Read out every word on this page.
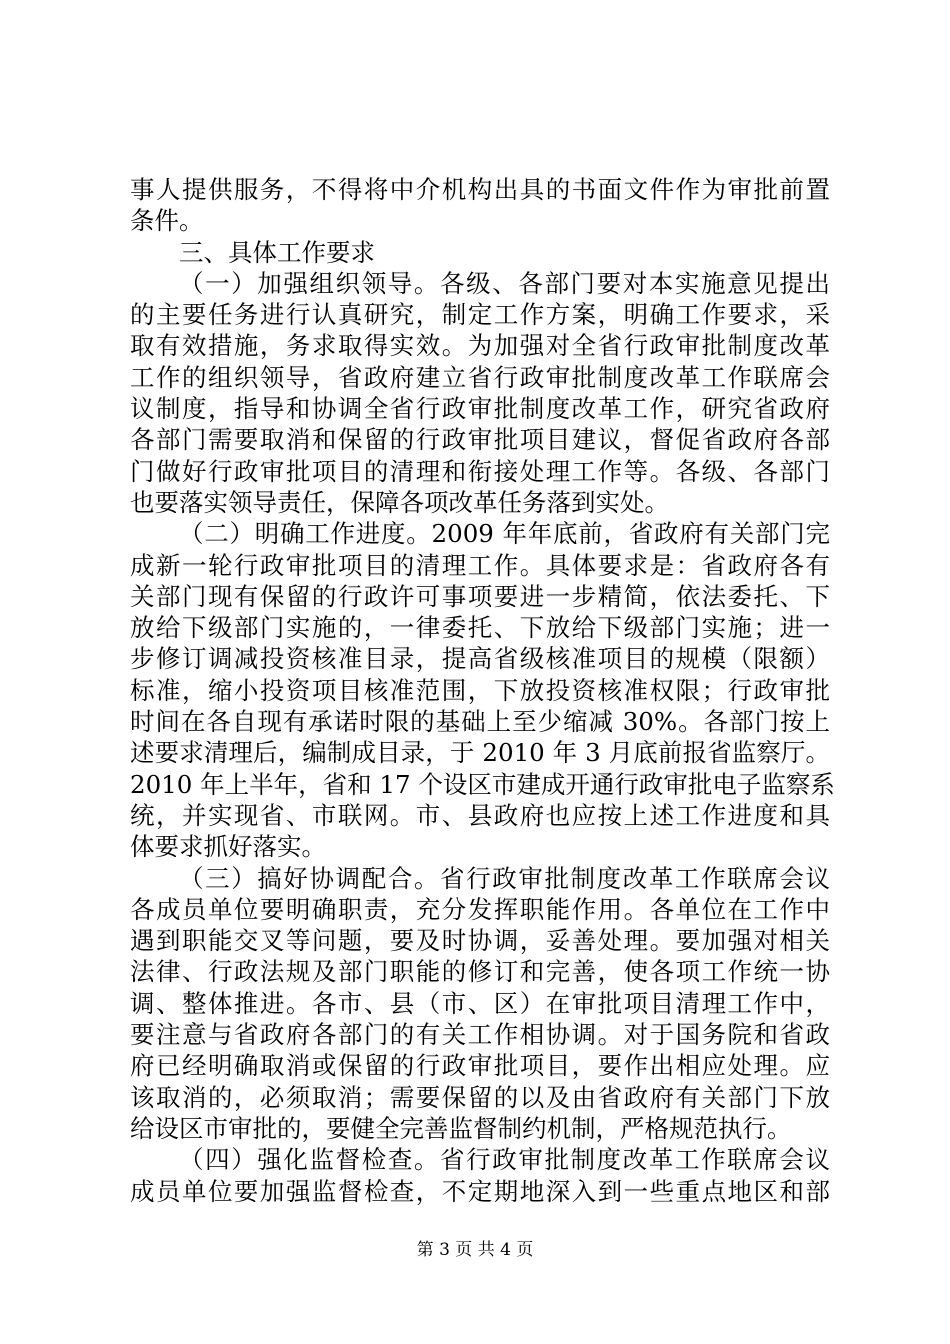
事人提供服务，不得将中介机构出具的书面文件作为审批前置
条件。
三、具体工作要求
（一）加强组织领导。各级、各部门要对本实施意见提出
的主要任务进行认真研究，制定工作方案，明确工作要求，采
取有效措施，务求取得实效。为加强对全省行政审批制度改革
工作的组织领导，省政府建立省行政审批制度改革工作联席会
议制度，指导和协调全省行政审批制度改革工作，研究省政府
各部门需要取消和保留的行政审批项目建议，督促省政府各部
门做好行政审批项目的清理和衔接处理工作等。各级、各部门
也要落实领导责任，保障各项改革任务落到实处。
（二）明确工作进度。2009 年年底前，省政府有关部门完
成新一轮行政审批项目的清理工作。具体要求是：省政府各有
关部门现有保留的行政许可事项要进一步精简，依法委托、下
放给下级部门实施的，一律委托、下放给下级部门实施；进一
步修订调减投资核准目录，提高省级核准项目的规模（限额）
标准，缩小投资项目核准范围，下放投资核准权限；行政审批
时间在各自现有承诺时限的基础上至少缩减 30%。各部门按上
述要求清理后，编制成目录，于 2010 年 3 月底前报省监察厅。
2010 年上半年，省和 17 个设区市建成开通行政审批电子监察系
统，并实现省、市联网。市、县政府也应按上述工作进度和具
体要求抓好落实。
（三）搞好协调配合。省行政审批制度改革工作联席会议
各成员单位要明确职责，充分发挥职能作用。各单位在工作中
遇到职能交叉等问题，要及时协调，妥善处理。要加强对相关
法律、行政法规及部门职能的修订和完善，使各项工作统一协
调、整体推进。各市、县（市、区）在审批项目清理工作中，
要注意与省政府各部门的有关工作相协调。对于国务院和省政
府已经明确取消或保留的行政审批项目，要作出相应处理。应
该取消的，必须取消；需要保留的以及由省政府有关部门下放
给设区市审批的，要健全完善监督制约机制，严格规范执行。
（四）强化监督检查。省行政审批制度改革工作联席会议
成员单位要加强监督检查，不定期地深入到一些重点地区和部
第 3 页 共 4 页
